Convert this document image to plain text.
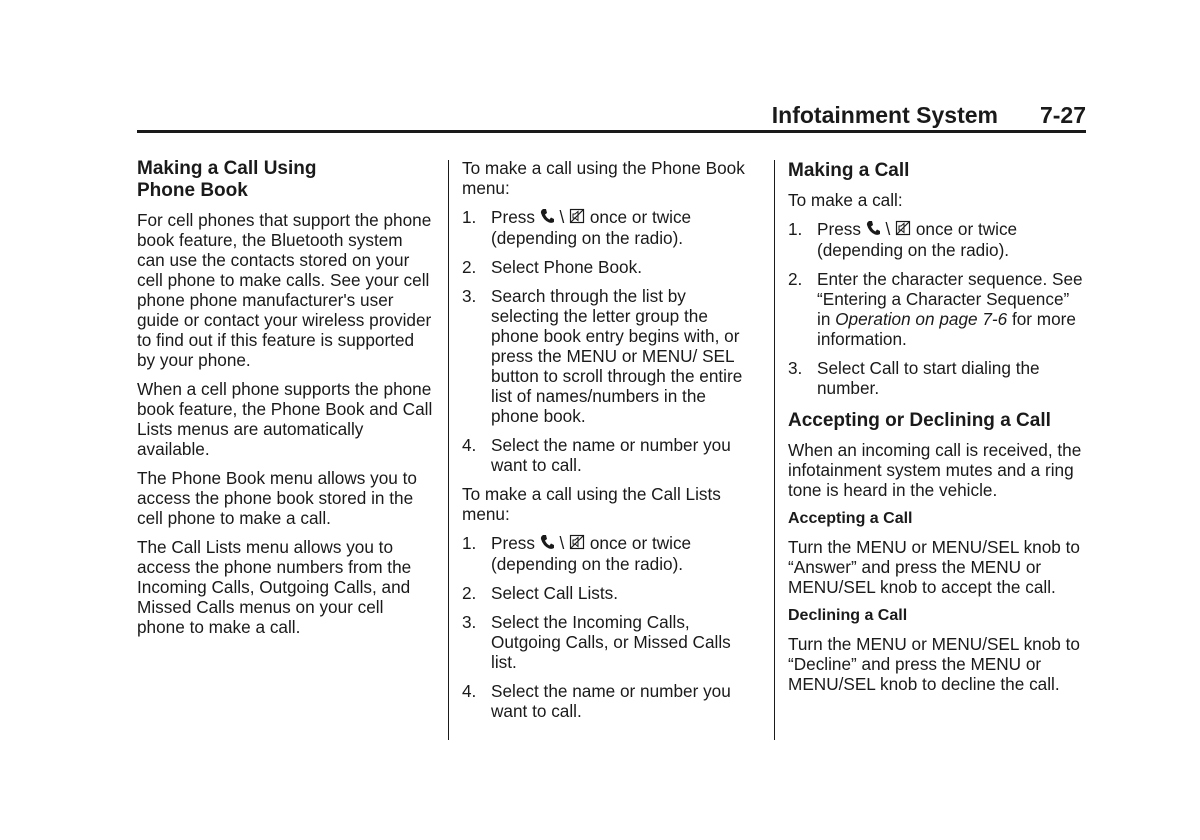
Infotainment System 7-27
Making a Call Using
Phone Book

For cell phones that support the phone book feature, the Bluetooth system can use the contacts stored on your cell phone to make calls. See your cell phone phone manufacturer's user guide or contact your wireless provider to find out if this feature is supported by your phone.

When a cell phone supports the phone book feature, the Phone Book and Call Lists menus are automatically available.

The Phone Book menu allows you to access the phone book stored in the cell phone to make a call.

The Call Lists menu allows you to access the phone numbers from the Incoming Calls, Outgoing Calls, and Missed Calls menus on your cell phone to make a call.

To make a call using the Phone Book menu:

1. Press \ once or twice (depending on the radio).
2. Select Phone Book.
3. Search through the list by selecting the letter group the phone book entry begins with, or press the MENU or MENU/ SEL button to scroll through the entire list of names/numbers in the phone book.
4. Select the name or number you want to call.

To make a call using the Call Lists menu:

1. Press \ once or twice (depending on the radio).
2. Select Call Lists.
3. Select the Incoming Calls, Outgoing Calls, or Missed Calls list.
4. Select the name or number you want to call.
Making a Call

To make a call:

1. Press \ once or twice (depending on the radio).
2. Enter the character sequence. See “Entering a Character Sequence” in Operation on page 7-6 for more information.
3. Select Call to start dialing the number.
Accepting or Declining a Call

When an incoming call is received, the infotainment system mutes and a ring tone is heard in the vehicle.

Accepting a Call

Turn the MENU or MENU/SEL knob to “Answer” and press the MENU or MENU/SEL knob to accept the call.

Declining a Call

Turn the MENU or MENU/SEL knob to “Decline” and press the MENU or MENU/SEL knob to decline the call.
